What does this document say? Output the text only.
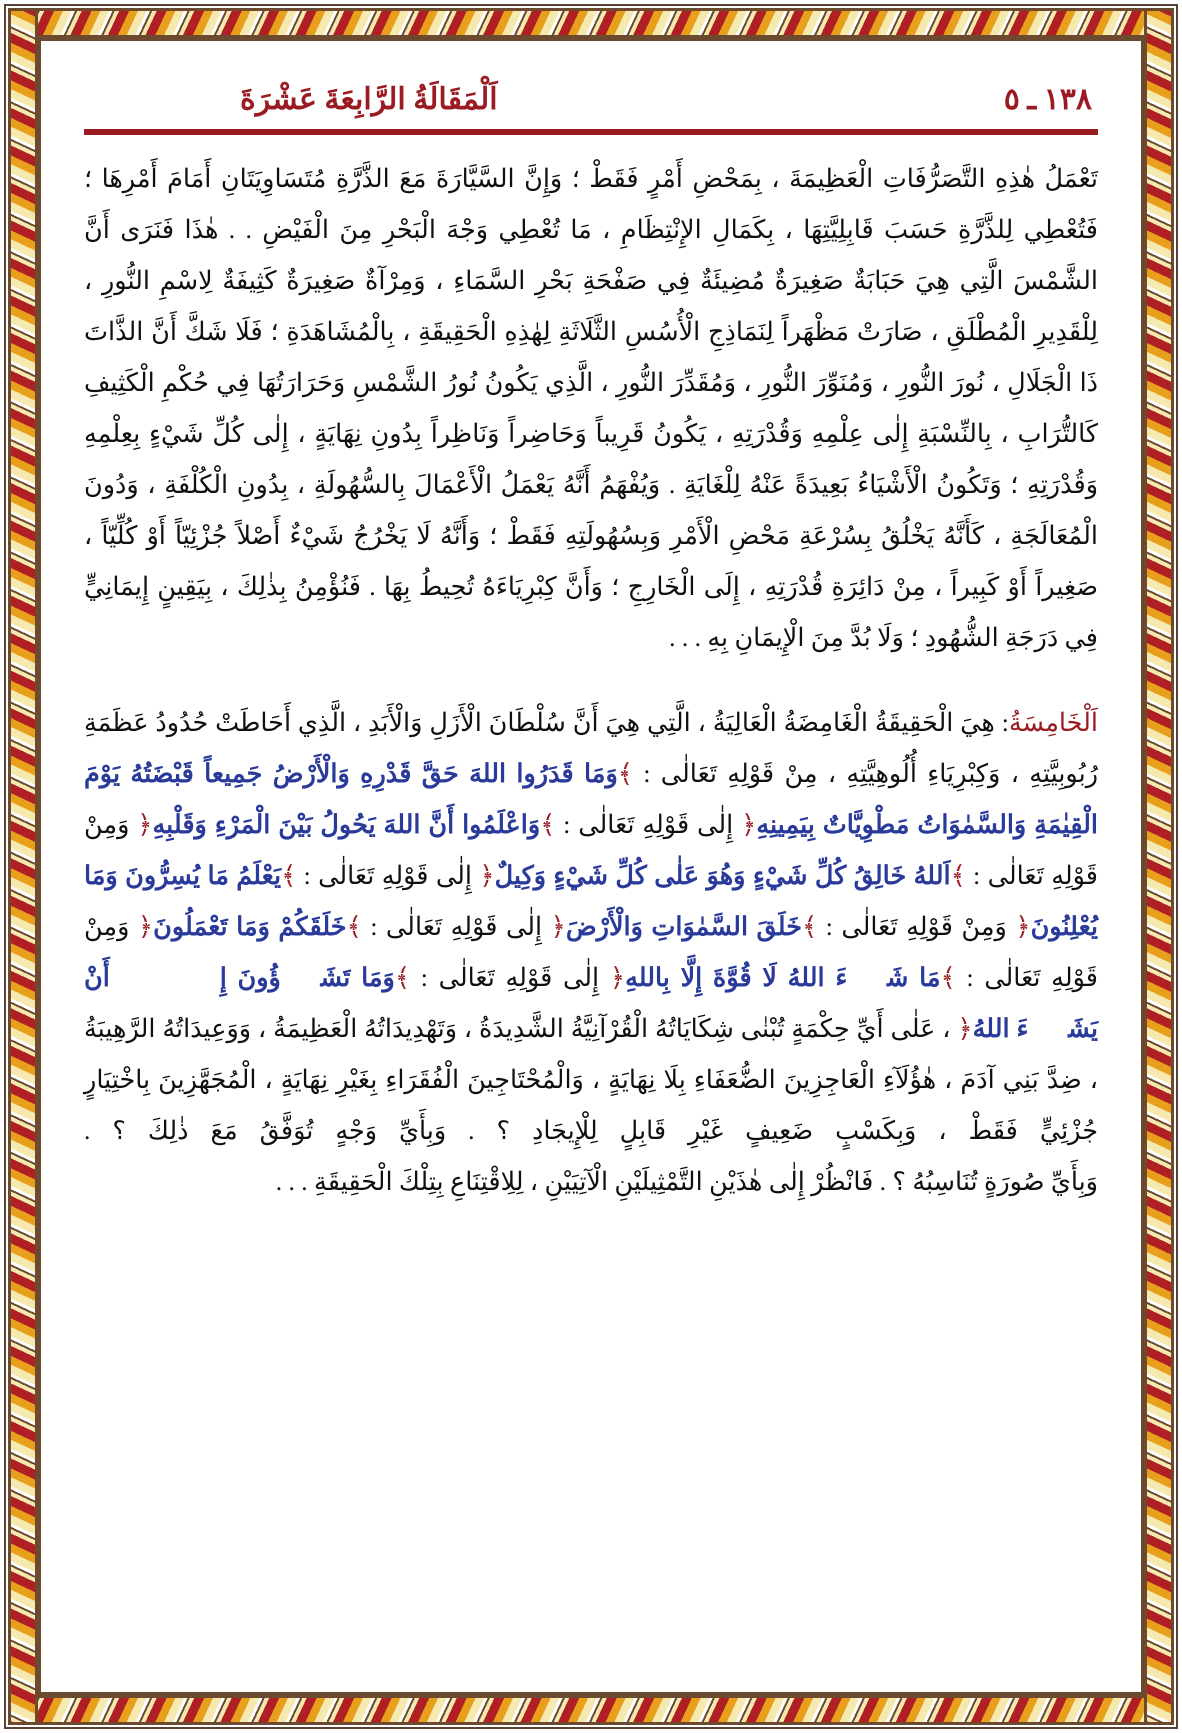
١٣٨ ـ ٥
اَلْمَقَالَةُ الرَّابِعَةَ عَشْرَةَ

تَعْمَلُ هٰذِهِ التَّصَرُّفَاتِ الْعَظِيمَةَ ، بِمَحْضِ أَمْرٍ فَقَطْ ؛ وَإِنَّ السَّيَّارَةَ مَعَ الذَّرَّةِ مُتَسَاوِيَتَانِ أَمَامَ أَمْرِهَا ؛ فَتُعْطِي لِلذَّرَّةِ حَسَبَ قَابِلِيَّتِهَا ، بِكَمَالِ الإِنْتِظَامِ ، مَا تُعْطِي وَجْهَ الْبَحْرِ مِنَ الْفَيْضِ . . هٰذَا فَنَرَى أَنَّ الشَّمْسَ الَّتِي هِيَ حَبَابَةٌ صَغِيرَةٌ مُضِيئَةٌ فِي صَفْحَةِ بَحْرِ السَّمَاءِ ، وَمِرْآةٌ صَغِيرَةٌ كَثِيفَةٌ لِاسْمِ النُّورِ ، لِلْقَدِيرِ الْمُطْلَقِ ، صَارَتْ مَظْهَراً لِنَمَاذِجِ الْأُسُسِ الثَّلَاثَةِ لِهٰذِهِ الْحَقِيقَةِ ، بِالْمُشَاهَدَةِ ؛ فَلَا شَكَّ أَنَّ الذَّاتَ ذَا الْجَلَالِ ، نُورَ النُّورِ ، وَمُنَوِّرَ النُّورِ ، وَمُقَدِّرَ النُّورِ ، الَّذِي يَكُونُ نُورُ الشَّمْسِ وَحَرَارَتُهَا فِي حُكْمِ الْكَثِيفِ كَالتُّرَابِ ، بِالنِّسْبَةِ إِلٰى عِلْمِهِ وَقُدْرَتِهِ ، يَكُونُ قَرِيباً وَحَاضِراً وَنَاظِراً بِدُونِ نِهَايَةٍ ، إِلٰى كُلِّ شَيْءٍ بِعِلْمِهِ وَقُدْرَتِهِ ؛ وَتَكُونُ الْأَشْيَاءُ بَعِيدَةً عَنْهُ لِلْغَايَةِ . وَيُفْهَمُ أَنَّهُ يَعْمَلُ الْأَعْمَالَ بِالسُّهُولَةِ ، بِدُونِ الْكُلْفَةِ ، وَدُونَ الْمُعَالَجَةِ ، كَأَنَّهُ يَخْلُقُ بِسُرْعَةِ مَحْضِ الْأَمْرِ وَبِسُهُولَتِهِ فَقَطْ ؛ وَأَنَّهُ لَا يَخْرُجُ شَيْءٌ أَصْلاً جُزْئِيّاً أَوْ كُلِّيّاً ، صَغِيراً أَوْ كَبِيراً ، مِنْ دَائِرَةِ قُدْرَتِهِ ، إِلَى الْخَارِجِ ؛ وَأَنَّ كِبْرِيَاءَهُ تُحِيطُ بِهَا . فَنُؤْمِنُ بِذٰلِكَ ، بِيَقِينٍ إِيمَانِيٍّ

فِي دَرَجَةِ الشُّهُودِ ؛ وَلَا بُدَّ مِنَ الْإِيمَانِ بِهِ . . .

اَلْخَامِسَةُ: هِيَ الْحَقِيقَةُ الْغَامِضَةُ الْعَالِيَةُ ، الَّتِي هِيَ أَنَّ سُلْطَانَ الْأَزَلِ وَالْأَبَدِ ، الَّذِي أَحَاطَتْ حُدُودُ عَظَمَةِ رُبُوبِيَّتِهِ ، وَكِبْرِيَاءِ أُلُوهِيَّتِهِ ، مِنْ قَوْلِهِ تَعَالٰى : ﴾وَمَا قَدَرُوا اللهَ حَقَّ قَدْرِهِ وَالْأَرْضُ جَمِيعاً قَبْضَتُهُ يَوْمَ الْقِيٰمَةِ وَالسَّمٰوَاتُ مَطْوِيَّاتٌ بِيَمِينِهِ﴿ إِلٰى قَوْلِهِ تَعَالٰى : ﴾وَاعْلَمُوا أَنَّ اللهَ يَحُولُ بَيْنَ الْمَرْءِ وَقَلْبِهِ﴿ وَمِنْ قَوْلِهِ تَعَالٰى : ﴾اَللهُ خَالِقُ كُلِّ شَيْءٍ وَهُوَ عَلٰى كُلِّ شَيْءٍ وَكِيلٌ﴿ إِلٰى قَوْلِهِ تَعَالٰى : ﴾يَعْلَمُ مَا يُسِرُّونَ وَمَا يُعْلِنُونَ﴿ وَمِنْ قَوْلِهِ تَعَالٰى : ﴾خَلَقَ السَّمٰوَاتِ وَالْأَرْضَ﴿ إِلٰى قَوْلِهِ تَعَالٰى : ﴾خَلَقَكُمْ وَمَا تَعْمَلُونَ﴿ وَمِنْ قَوْلِهِ تَعَالٰى : ﴾مَا شَاۤءَ اللهُ لَا قُوَّةَ إِلَّا بِاللهِ﴿ إِلٰى قَوْلِهِ تَعَالٰى : ﴾وَمَا تَشَاۤؤُونَ إِلَّاۤ أَنْ يَشَاۤءَ اللهُ﴿ ، عَلٰى أَيِّ حِكْمَةٍ تُبْنٰى شِكَايَاتُهُ الْقُرْآنِيَّةُ الشَّدِيدَةُ ، وَتَهْدِيدَاتُهُ الْعَظِيمَةُ ، وَوَعِيدَاتُهُ الرَّهِيبَةُ ، ضِدَّ بَنِي آدَمَ ، هٰؤُلَآءِ الْعَاجِزِينَ الضُّعَفَاءِ بِلَا نِهَايَةٍ ، وَالْمُحْتَاجِينَ الْفُقَرَاءِ بِغَيْرِ نِهَايَةٍ ، الْمُجَهَّزِينَ بِاخْتِيَارٍ جُزْئِيٍّ فَقَطْ ، وَبِكَسْبٍ ضَعِيفٍ غَيْرِ قَابِلٍ لِلْإِيجَادِ ؟ . وَبِأَيِّ وَجْهٍ تُوَفَّقُ مَعَ ذٰلِكَ ؟ .

وَبِأَيِّ صُورَةٍ تُنَاسِبُهُ ؟ . فَانْظُرْ إِلٰى هٰذَيْنِ التَّمْثِيلَيْنِ الْآتِيَيْنِ ، لِلِاقْتِنَاعِ بِتِلْكَ الْحَقِيقَةِ . . .
